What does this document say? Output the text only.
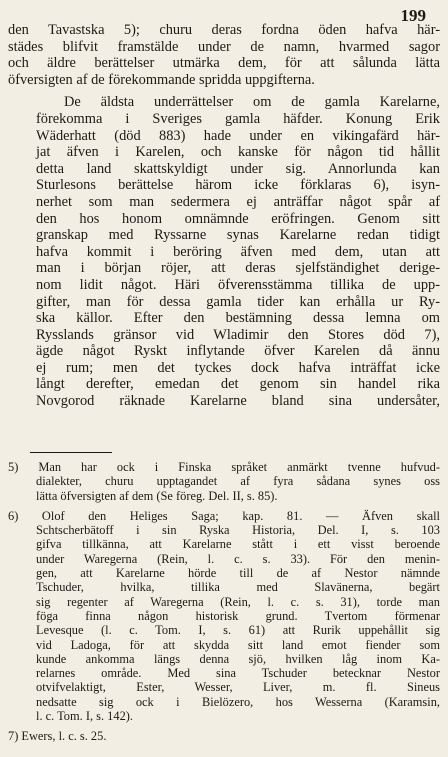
199

den Tavastska 5); churu deras fordna öden hafva här-
städes blifvit framstälde under de namn, hvarmed sagor
och äldre berättelser utmärka dem, för att sålunda lätta
öfversigten af de förekommande spridda uppgifterna.

De äldsta underrättelser om de gamla Karelarne,
förekomma i Sveriges gamla häfder. Konung Erik
Wäderhatt (död 883) hade under en vikingafärd här-
jat äfven i Karelen, och kanske för någon tid hållit
detta land skattskyldigt under sig. Annorlunda kan
Sturlesons berättelse härom icke förklaras 6), isyn-
nerhet som man sedermera ej anträffar något spår af
den hos honom omnämnde eröfringen. Genom sitt
granskap med Ryssarne synas Karelarne redan tidigt
hafva kommit i beröring äfven med dem, utan att
man i början röjer, att deras sjelfständighet derige-
nom lidit något. Häri öfverensstämma tillika de upp-
gifter, man för dessa gamla tider kan erhålla ur Ry-
ska källor. Efter den bestämning dessa lemna om
Rysslands gränsor vid Wladimir den Stores död 7),
ägde något Ryskt inflytande öfver Karelen då ännu
ej rum; men det tyckes dock hafva inträffat icke
långt derefter, emedan det genom sin handel rika
Novgorod räknade Karelarne bland sina undersåter,

5) Man har ock i Finska språket anmärkt tvenne hufvud-
dialekter, churu upptagandet af fyra sådana synes oss
lätta öfversigten af dem (Se föreg. Del. II, s. 85).
6) Olof den Heliges Saga; kap. 81. — Äfven skall
Schtscherbätoff i sin Ryska Historia, Del. I, s. 103
gifva tillkänna, att Karelarne stått i ett visst beroende
under Waregerna (Rein, l. c. s. 33). För den menin-
gen, att Karelarne hörde till de af Nestor nämnde
Tschuder, hvilka, tillika med Slavänerna, begärt
sig regenter af Waregerna (Rein, l. c. s. 31), torde man
föga finna någon historisk grund. Tvertom förmenar
Levesque (l. c. Tom. I, s. 61) att Rurik uppehållit sig
vid Ladoga, för att skydda sitt land emot fiender som
kunde ankomma längs denna sjö, hvilken låg inom Ka-
relarnes område. Med sina Tschuder betecknar Nestor
otvifvelaktigt, Ester, Wesser, Liver, m. fl. Sineus
nedsatte sig ock i Bielözero, hos Wesserna (Karamsin,
l. c. Tom. I, s. 142).
7) Ewers, l. c. s. 25.
